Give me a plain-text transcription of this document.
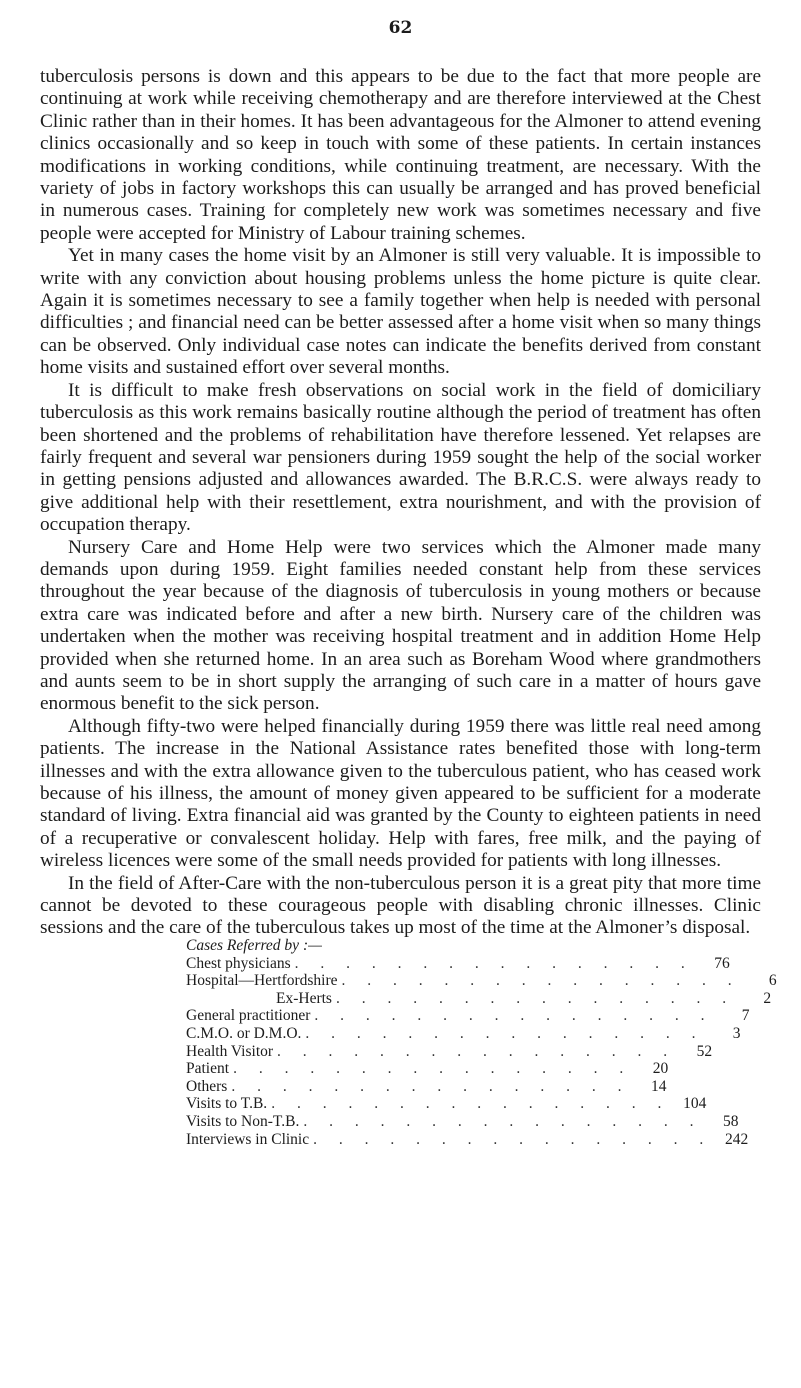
62

tuberculosis persons is down and this appears to be due to the fact that more people are continuing at work while receiving chemotherapy and are therefore interviewed at the Chest Clinic rather than in their homes. It has been advantageous for the Almoner to attend evening clinics occasionally and so keep in touch with some of these patients. In certain instances modifications in working conditions, while continuing treatment, are necessary. With the variety of jobs in factory workshops this can usually be arranged and has proved beneficial in numerous cases. Training for completely new work was sometimes necessary and five people were accepted for Ministry of Labour training schemes.

Yet in many cases the home visit by an Almoner is still very valuable. It is impossible to write with any conviction about housing problems unless the home picture is quite clear. Again it is sometimes necessary to see a family together when help is needed with personal difficulties ; and financial need can be better assessed after a home visit when so many things can be observed. Only individual case notes can indicate the benefits derived from constant home visits and sustained effort over several months.

It is difficult to make fresh observations on social work in the field of domiciliary tuberculosis as this work remains basically routine although the period of treatment has often been shortened and the problems of rehabilitation have therefore lessened. Yet relapses are fairly frequent and several war pensioners during 1959 sought the help of the social worker in getting pensions adjusted and allowances awarded. The B.R.C.S. were always ready to give additional help with their resettlement, extra nourishment, and with the provision of occupation therapy.

Nursery Care and Home Help were two services which the Almoner made many demands upon during 1959. Eight families needed constant help from these services throughout the year because of the diagnosis of tuberculosis in young mothers or because extra care was indicated before and after a new birth. Nursery care of the children was undertaken when the mother was receiving hospital treatment and in addition Home Help provided when she returned home. In an area such as Boreham Wood where grandmothers and aunts seem to be in short supply the arranging of such care in a matter of hours gave enormous benefit to the sick person.

Although fifty-two were helped financially during 1959 there was little real need among patients. The increase in the National Assistance rates benefited those with long-term illnesses and with the extra allowance given to the tuberculous patient, who has ceased work because of his illness, the amount of money given appeared to be sufficient for a moderate standard of living. Extra financial aid was granted by the County to eighteen patients in need of a recuperative or convalescent holiday. Help with fares, free milk, and the paying of wireless licences were some of the small needs provided for patients with long illnesses.

In the field of After-Care with the non-tuberculous person it is a great pity that more time cannot be devoted to these courageous people with disabling chronic illnesses. Clinic sessions and the care of the tuberculous takes up most of the time at the Almoner’s disposal.

Cases Referred by :—
Chest physicians . . . . . . . . . . . . . . . .	76
Hospital—Hertfordshire . . . . . . . . . . . . . . . .	6
Ex-Herts . . . . . . . . . . . . . . . .	2
General practitioner . . . . . . . . . . . . . . . .	7
C.M.O. or D.M.O. . . . . . . . . . . . . . . . .	3
Health Visitor . . . . . . . . . . . . . . . .	52
Patient . . . . . . . . . . . . . . . .	20
Others . . . . . . . . . . . . . . . .	14
Visits to T.B. . . . . . . . . . . . . . . . . 104
Visits to Non-T.B. . . . . . . . . . . . . . . . .	58
Interviews in Clinic . . . . . . . . . . . . . . . . 242
